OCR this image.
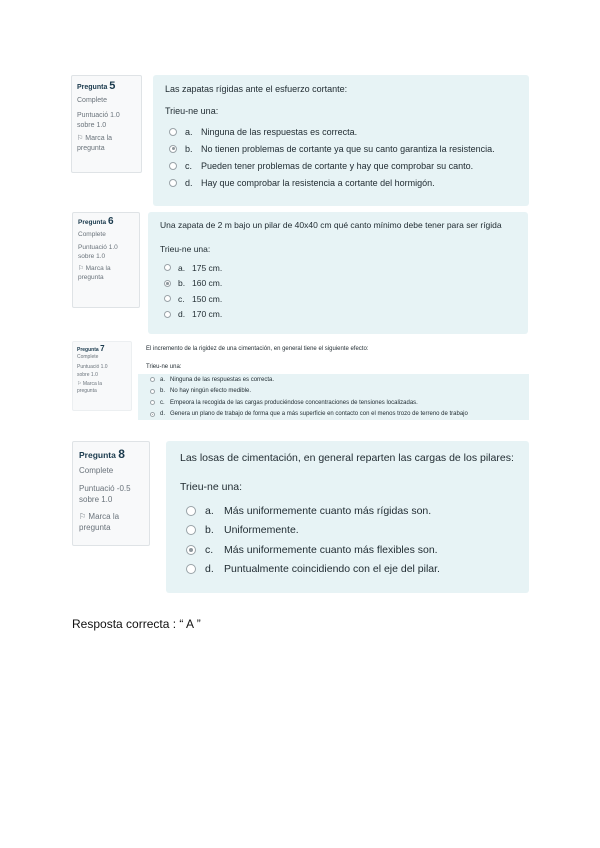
Pregunta 5
Complete
Puntuació 1.0
sobre 1.0
⚐ Marca la
pregunta
Las zapatas rígidas ante el esfuerzo cortante:
Trieu-ne una:
a. Ninguna de las respuestas es correcta.
b. No tienen problemas de cortante ya que su canto garantiza la resistencia.
c. Pueden tener problemas de cortante y hay que comprobar su canto.
d. Hay que comprobar la resistencia a cortante del hormigón.
Pregunta 6
Complete
Puntuació 1.0
sobre 1.0
⚐ Marca la
pregunta
Una zapata de 2 m bajo un pilar de 40x40 cm qué canto mínimo debe tener para ser rígida
Trieu-ne una:
a. 175 cm.
b. 160 cm.
c. 150 cm.
d. 170 cm.
Pregunta 7
Complete
Puntuació 1.0
sobre 1.0
⚐ Marca la
pregunta
El incremento de la rigidez de una cimentación, en general tiene el siguiente efecto:
Trieu-ne una:
a. Ninguna de las respuestas es correcta.
b. No hay ningún efecto medible.
c. Empeora la recogida de las cargas produciéndose concentraciones de tensiones localizadas.
d. Genera un plano de trabajo de forma que a más superficie en contacto con el menos trozo de terreno de trabajo
Pregunta 8
Complete
Puntuació -0.5
sobre 1.0
⚐ Marca la
pregunta
Las losas de cimentación, en general reparten las cargas de los pilares:
Trieu-ne una:
a. Más uniformemente cuanto más rígidas son.
b. Uniformemente.
c.	Más uniformemente cuanto más flexibles son.
d. Puntualmente coincidiendo con el eje del pilar.
Resposta correcta : “ A ”
